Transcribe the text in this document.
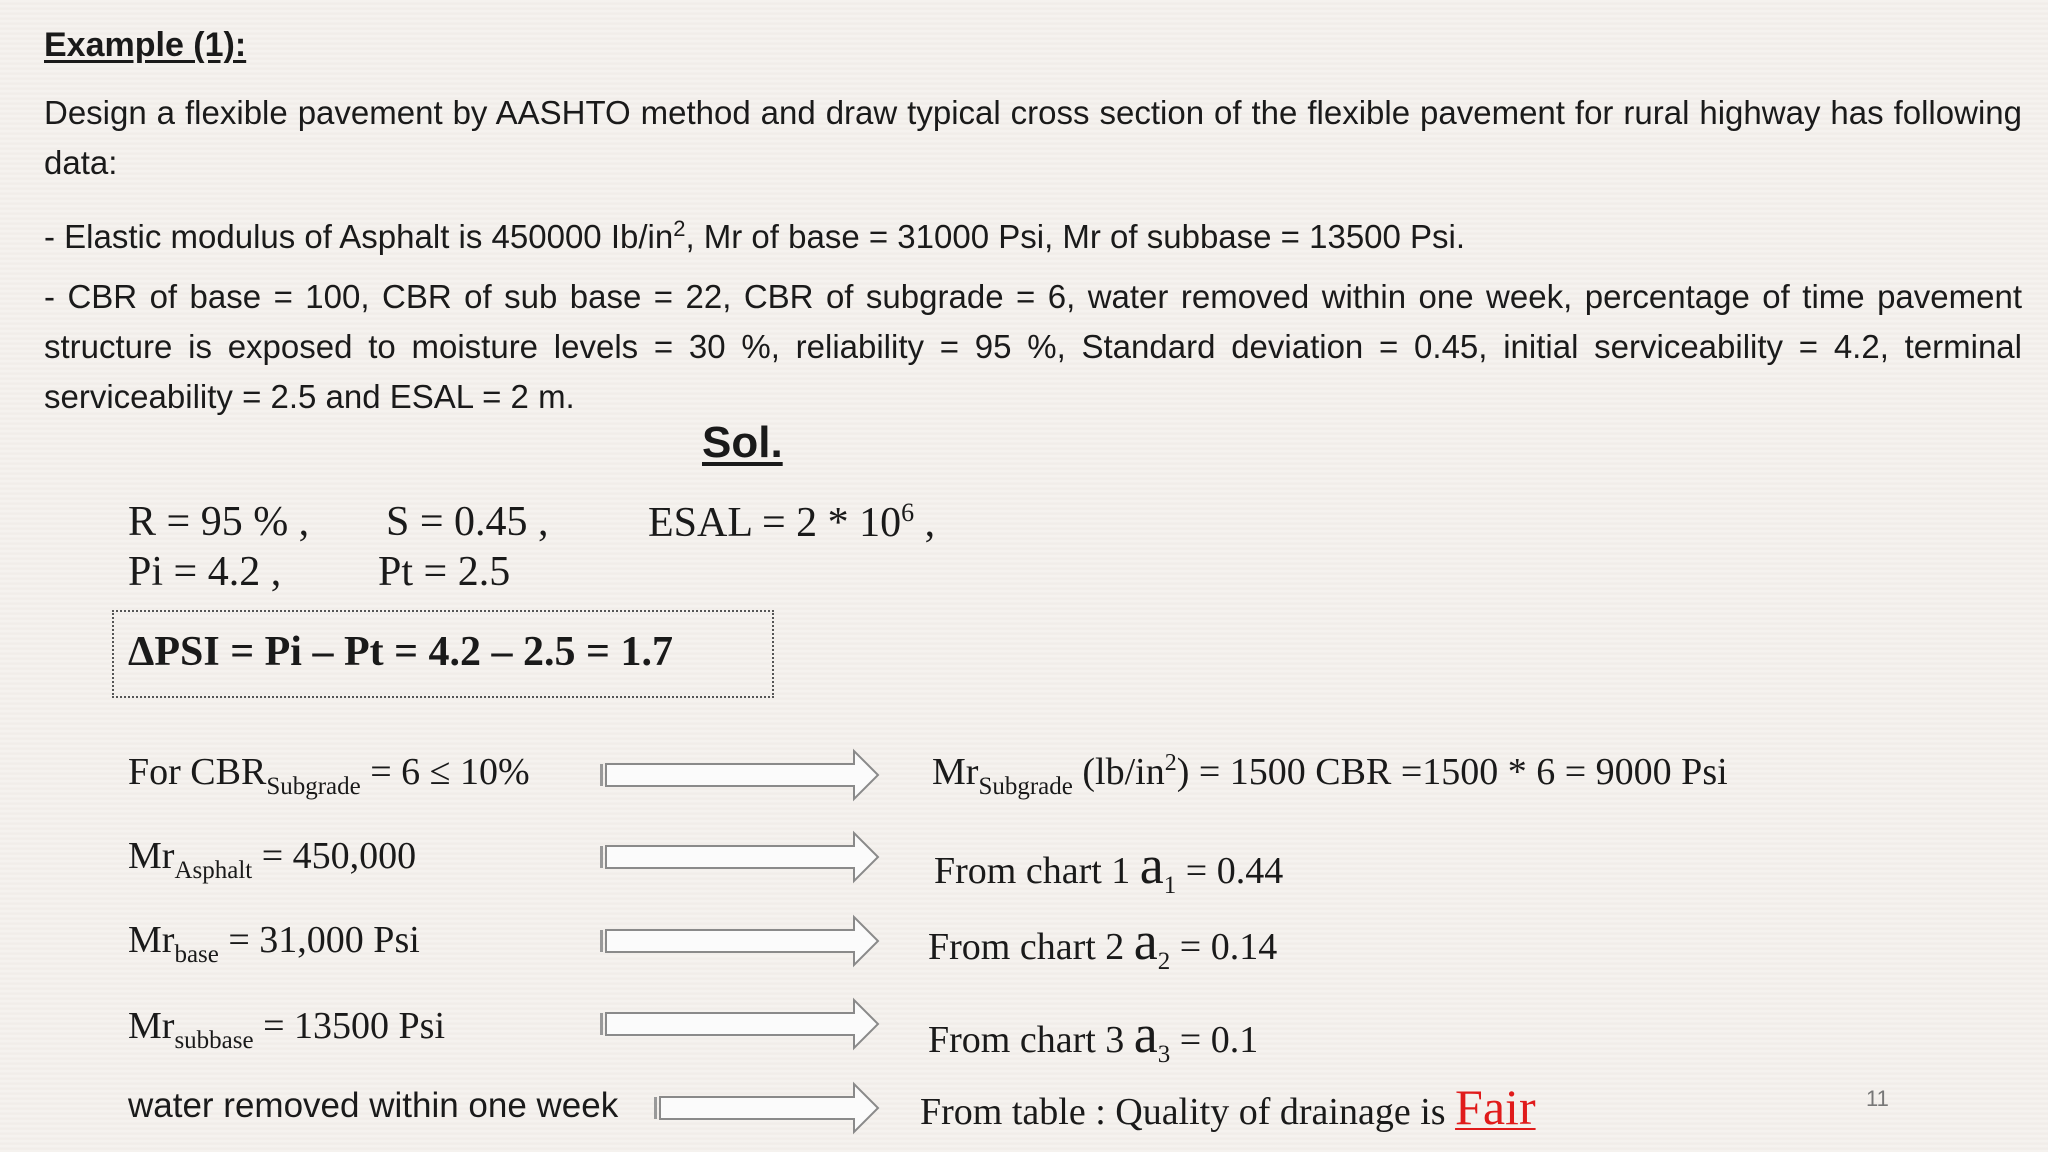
Example (1):
Design a flexible pavement by AASHTO method and draw typical cross section of the flexible pavement for rural highway has following data:
- Elastic modulus of Asphalt is 450000 $Ib/in^2$, Mr of base = 31000 Psi, Mr of subbase = 13500 Psi.
- CBR of base = 100, CBR of sub base = 22, CBR of subgrade = 6, water removed within one week, percentage of time pavement structure is exposed to moisture levels = 30 %, reliability = 95 %, Standard deviation = 0.45, initial serviceability = 4.2, terminal serviceability = 2.5 and ESAL = 2 m.
Sol.
R = 95 % , S = 0.45 , ESAL = $2 * 10^6$ ,
Pi = 4.2 , Pt = 2.5
ΔPSI = Pi – Pt = 4.2 – 2.5 = 1.7
For $CBR_{Subgrade} = 6 \le 10\%$	$Mr_{Subgrade}$ $(lb/in^2) = 1500$ CBR =1500 * 6 = 9000 Psi
$Mr_{Asphalt} = 450,000$	From chart 1 $a_1 = 0.44$
$Mr_{base} = 31,000$ Psi	From chart 2 $a_2 = 0.14$
$Mr_{subbase} = 13500$ Psi	From chart 3 $a_3 = 0.1$
water removed within one week	From table : Quality of drainage is Fair	11
